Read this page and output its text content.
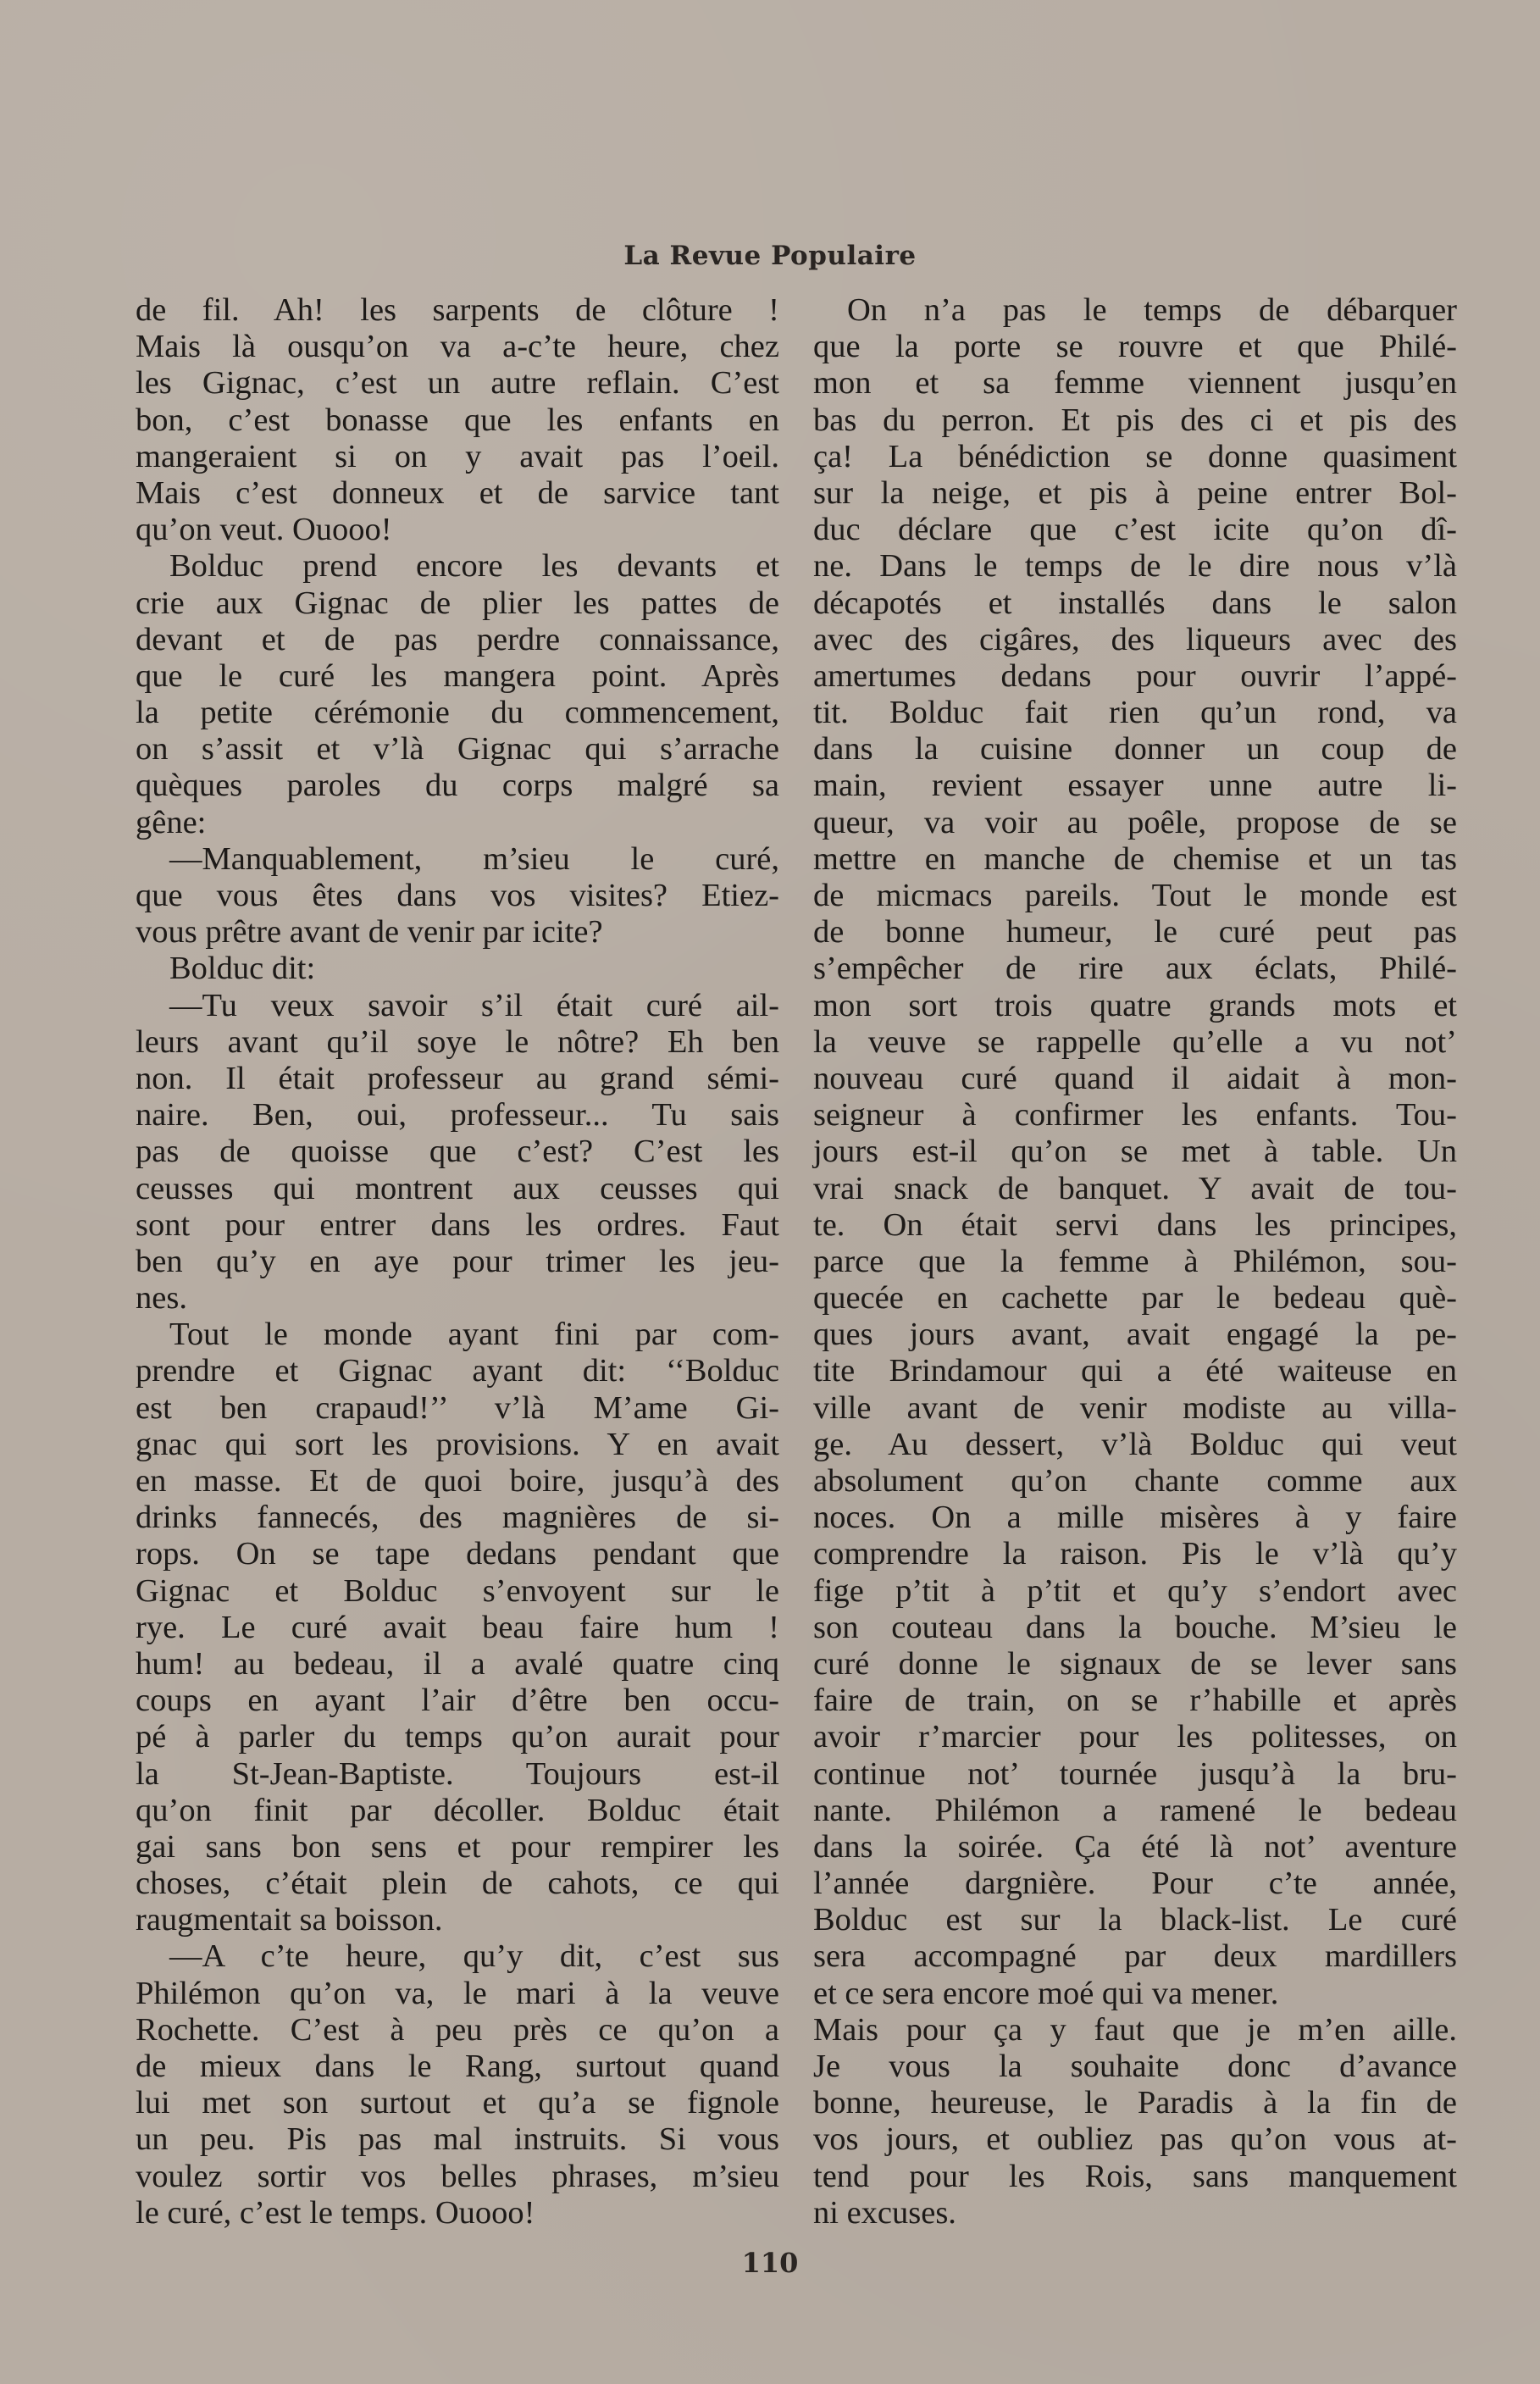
La Revue Populaire
de fil. Ah! les sarpents de clôture !
Mais là ousqu’on va a-c’te heure, chez
les Gignac, c’est un autre reflain. C’est
bon, c’est bonasse que les enfants en
mangeraient si on y avait pas l’oeil.
Mais c’est donneux et de sarvice tant
qu’on veut. Ouooo!
Bolduc prend encore les devants et
crie aux Gignac de plier les pattes de
devant et de pas perdre connaissance,
que le curé les mangera point. Après
la petite cérémonie du commencement,
on s’assit et v’là Gignac qui s’arrache
quèques paroles du corps malgré sa
gêne:
—Manquablement, m’sieu le curé,
que vous êtes dans vos visites? Etiez-
vous prêtre avant de venir par icite?
Bolduc dit:
—Tu veux savoir s’il était curé ail-
leurs avant qu’il soye le nôtre? Eh ben
non. Il était professeur au grand sémi-
naire. Ben, oui, professeur... Tu sais
pas de quoisse que c’est? C’est les
ceusses qui montrent aux ceusses qui
sont pour entrer dans les ordres. Faut
ben qu’y en aye pour trimer les jeu-
nes.
Tout le monde ayant fini par com-
prendre et Gignac ayant dit: ‘‘Bolduc
est ben crapaud!’’ v’là M’ame Gi-
gnac qui sort les provisions. Y en avait
en masse. Et de quoi boire, jusqu’à des
drinks fannecés, des magnières de si-
rops. On se tape dedans pendant que
Gignac et Bolduc s’envoyent sur le
rye. Le curé avait beau faire hum !
hum! au bedeau, il a avalé quatre cinq
coups en ayant l’air d’être ben occu-
pé à parler du temps qu’on aurait pour
la St-Jean-Baptiste. Toujours est-il
qu’on finit par décoller. Bolduc était
gai sans bon sens et pour rempirer les
choses, c’était plein de cahots, ce qui
raugmentait sa boisson.
—A c’te heure, qu’y dit, c’est sus
Philémon qu’on va, le mari à la veuve
Rochette. C’est à peu près ce qu’on a
de mieux dans le Rang, surtout quand
lui met son surtout et qu’a se fignole
un peu. Pis pas mal instruits. Si vous
voulez sortir vos belles phrases, m’sieu
le curé, c’est le temps. Ouooo!
On n’a pas le temps de débarquer
que la porte se rouvre et que Philé-
mon et sa femme viennent jusqu’en
bas du perron. Et pis des ci et pis des
ça! La bénédiction se donne quasiment
sur la neige, et pis à peine entrer Bol-
duc déclare que c’est icite qu’on dî-
ne. Dans le temps de le dire nous v’là
décapotés et installés dans le salon
avec des cigâres, des liqueurs avec des
amertumes dedans pour ouvrir l’appé-
tit. Bolduc fait rien qu’un rond, va
dans la cuisine donner un coup de
main, revient essayer unne autre li-
queur, va voir au poêle, propose de se
mettre en manche de chemise et un tas
de micmacs pareils. Tout le monde est
de bonne humeur, le curé peut pas
s’empêcher de rire aux éclats, Philé-
mon sort trois quatre grands mots et
la veuve se rappelle qu’elle a vu not’
nouveau curé quand il aidait à mon-
seigneur à confirmer les enfants. Tou-
jours est-il qu’on se met à table. Un
vrai snack de banquet. Y avait de tou-
te. On était servi dans les principes,
parce que la femme à Philémon, sou-
quecée en cachette par le bedeau què-
ques jours avant, avait engagé la pe-
tite Brindamour qui a été waiteuse en
ville avant de venir modiste au villa-
ge. Au dessert, v’là Bolduc qui veut
absolument qu’on chante comme aux
noces. On a mille misères à y faire
comprendre la raison. Pis le v’là qu’y
fige p’tit à p’tit et qu’y s’endort avec
son couteau dans la bouche. M’sieu le
curé donne le signaux de se lever sans
faire de train, on se r’habille et après
avoir r’marcier pour les politesses, on
continue not’ tournée jusqu’à la bru-
nante. Philémon a ramené le bedeau
dans la soirée. Ça été là not’ aventure
l’année dargnière. Pour c’te année,
Bolduc est sur la black-list. Le curé
sera accompagné par deux mardillers
et ce sera encore moé qui va mener.
Mais pour ça y faut que je m’en aille.
Je vous la souhaite donc d’avance
bonne, heureuse, le Paradis à la fin de
vos jours, et oubliez pas qu’on vous at-
tend pour les Rois, sans manquement
ni excuses.
110
